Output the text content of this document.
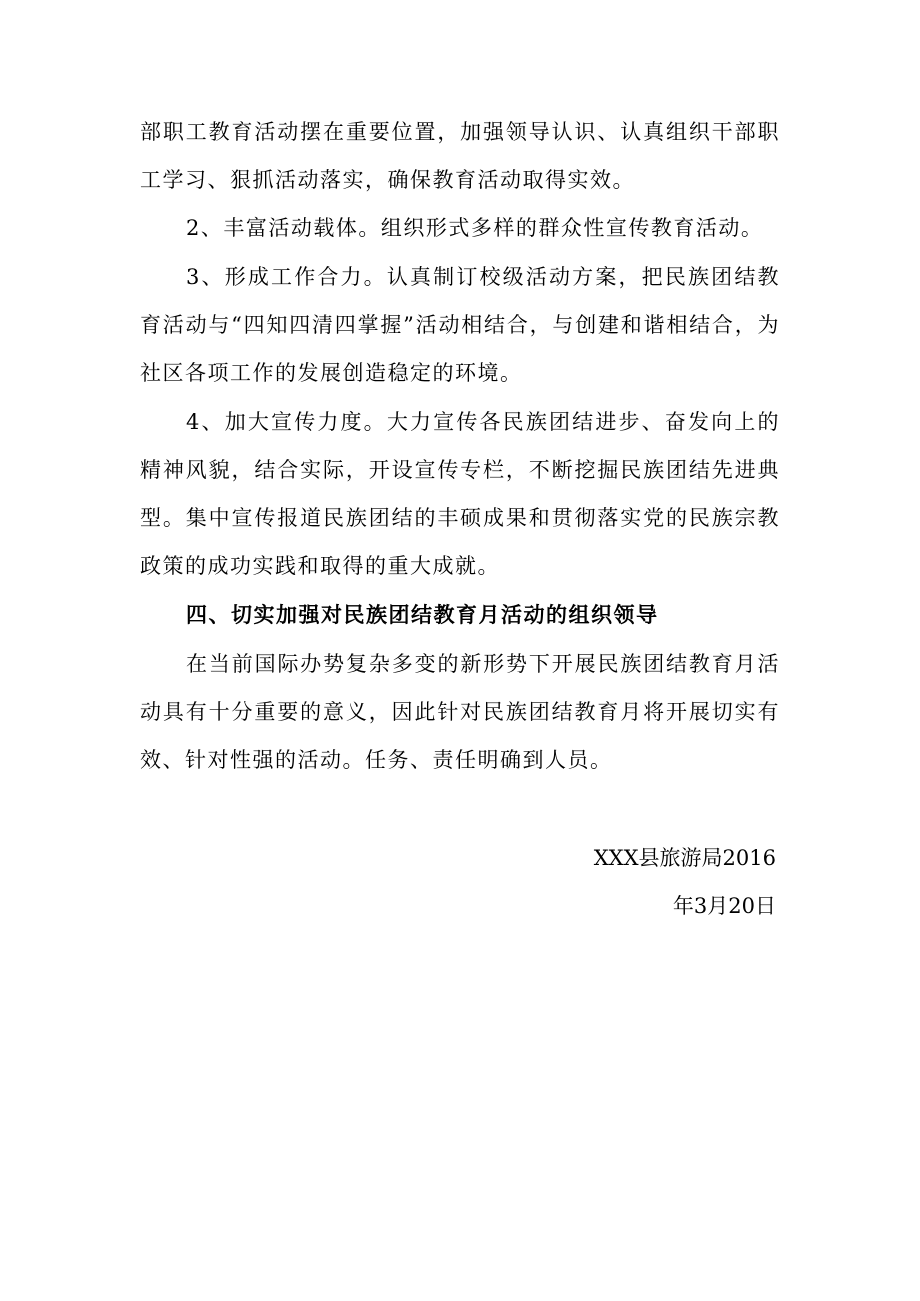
部职工教育活动摆在重要位置，加强领导认识、认真组织干部职工学习、狠抓活动落实，确保教育活动取得实效。

2、丰富活动载体。组织形式多样的群众性宣传教育活动。

3、形成工作合力。认真制订校级活动方案，把民族团结教育活动与“四知四清四掌握”活动相结合，与创建和谐相结合，为社区各项工作的发展创造稳定的环境。

4、加大宣传力度。大力宣传各民族团结进步、奋发向上的精神风貌，结合实际，开设宣传专栏，不断挖掘民族团结先进典型。集中宣传报道民族团结的丰硕成果和贯彻落实党的民族宗教政策的成功实践和取得的重大成就。

四、切实加强对民族团结教育月活动的组织领导

在当前国际办势复杂多变的新形势下开展民族团结教育月活动具有十分重要的意义，因此针对民族团结教育月将开展切实有效、针对性强的活动。任务、责任明确到人员。

XXX县旅游局2016

年3月20日
